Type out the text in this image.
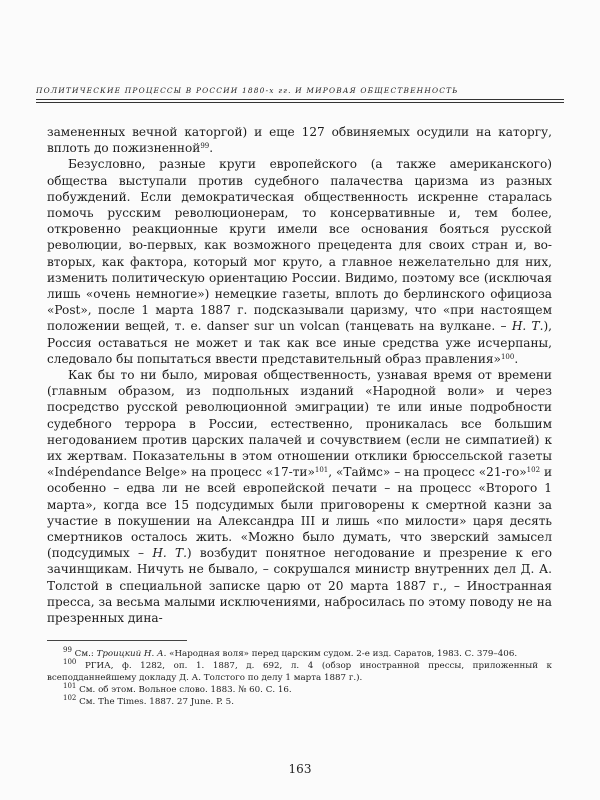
ПОЛИТИЧЕСКИЕ ПРОЦЕССЫ В РОССИИ 1880-х гг. И МИРОВАЯ ОБЩЕСТВЕННОСТЬ

замененных вечной каторгой) и еще 127 обвиняемых осудили на каторгу, вплоть до пожизненной$^{99}$.

Безусловно, разные круги европейского (а также американского) общества выступали против судебного палачества царизма из разных побуждений. Если демократическая общественность искренне старалась помочь русским революционерам, то консервативные и, тем более, откровенно реакционные круги имели все основания бояться русской революции, во-первых, как возможного прецедента для своих стран и, во-вторых, как фактора, который мог круто, а главное нежелательно для них, изменить политическую ориентацию России. Видимо, поэтому все (исключая лишь «очень немногие») немецкие газеты, вплоть до берлинского официоза «Post», после 1 марта 1887 г. подсказывали царизму, что «при настоящем положении вещей, т. е. danser sur un volcan (танцевать на вулкане. – Н. Т.), Россия оставаться не может и так как все иные средства уже исчерпаны, следовало бы попытаться ввести представительный образ правления»$^{100}$.

Как бы то ни было, мировая общественность, узнавая время от времени (главным образом, из подпольных изданий «Народной воли» и через посредство русской революционной эмиграции) те или иные подробности судебного террора в России, естественно, проникалась все большим негодованием против царских палачей и сочувствием (если не симпатией) к их жертвам. Показательны в этом отношении отклики брюссельской газеты «Indépendance Belge» на процесс «17-ти»$^{101}$, «Таймс» – на процесс «21-го»$^{102}$ и особенно – едва ли не всей европейской печати – на процесс «Второго 1 марта», когда все 15 подсудимых были приговорены к смертной казни за участие в покушении на Александра III и лишь «по милости» царя десять смертников осталось жить. «Можно было думать, что зверский замысел (подсудимых – Н. Т.) возбудит понятное негодование и презрение к его зачинщикам. Ничуть не бывало, – сокрушался министр внутренних дел Д. А. Толстой в специальной записке царю от 20 марта 1887 г., – Иностранная пресса, за весьма малыми исключениями, набросилась по этому поводу не на презренных дина-

$^{99}$ См.: Троицкий Н. А. «Народная воля» перед царским судом. 2-е изд. Саратов, 1983. С. 379–406.

$^{100}$ РГИА, ф. 1282, оп. 1. 1887, д. 692, л. 4 (обзор иностранной прессы, приложенный к всеподданнейшему докладу Д. А. Толстого по делу 1 марта 1887 г.).

$^{101}$ См. об этом. Вольное слово. 1883. № 60. С. 16.

$^{102}$ См. The Times. 1887. 27 June. P. 5.

163
